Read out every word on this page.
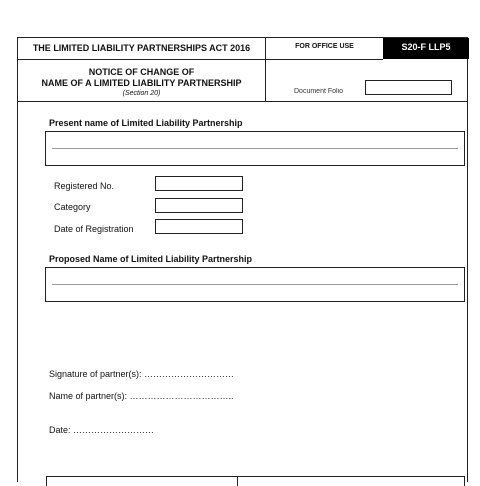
THE LIMITED LIABILITY PARTNERSHIPS ACT 2016
NOTICE OF CHANGE OF
NAME OF A LIMITED LIABILITY PARTNERSHIP
(Section 20)
FOR OFFICE USE	S20-F LLP5
Document Folio
Present name of Limited Liability Partnership
Registered No.
Category
Date of Registration
Proposed Name of Limited Liability Partnership
Signature of partner(s): …………………………
Name of partner(s): ……………………………..
Date: ………………………
